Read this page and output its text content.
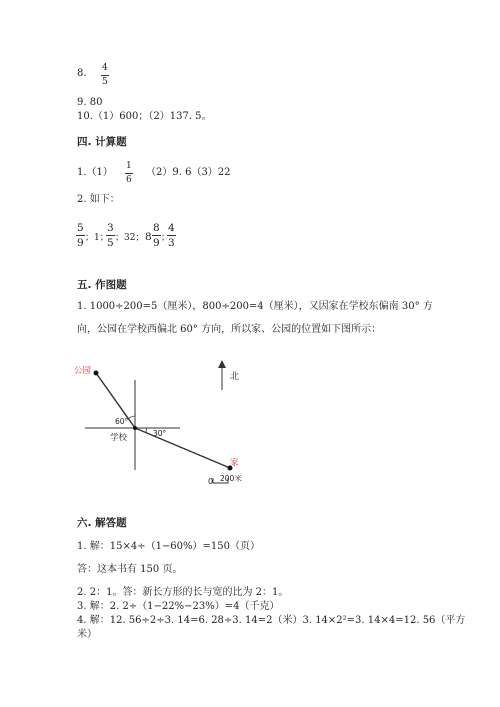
8. 4
5
9. 80
10.（1）600；（2）137. 5。
四. 计算题
1.（1）
1
6
（2）9. 6（3）22
2. 如下：
5
9 ；1；
3
5 ；32； 8
8
9 ；
4
3
五. 作图题
1. 1000÷200=5（厘米），800÷200=4（厘米），又因家在学校东偏南 30° 方
向，公园在学校西偏北 60° 方向，所以家、公园的位置如下图所示：
公园
家
学校
北
60°
30°
0 200米
六. 解答题
1. 解：15×4÷（1−60%）=150（页）
答：这本书有 150 页。
2. 2：1。答：新长方形的长与宽的比为 2：1。
3. 解：2. 2÷（1−22%−23%）=4（千克）
4. 解：12. 56÷2÷3. 14=6. 28÷3. 14=2（米）3. 14×2²=3. 14×4=12. 56（平方
米）
